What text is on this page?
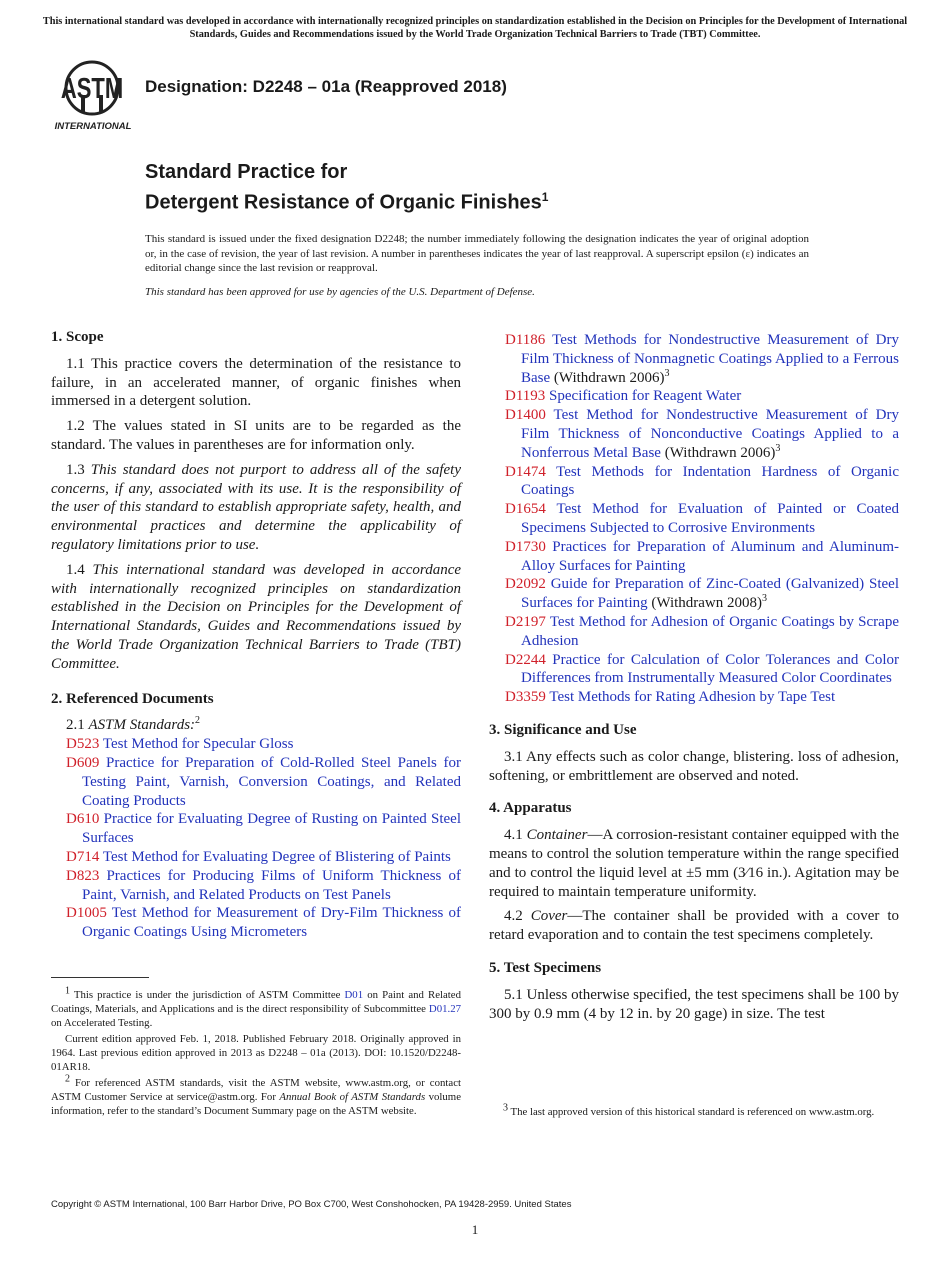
This international standard was developed in accordance with internationally recognized principles on standardization established in the Decision on Principles for the Development of International Standards, Guides and Recommendations issued by the World Trade Organization Technical Barriers to Trade (TBT) Committee.
ASTM
INTERNATIONAL
Designation: D2248 – 01a (Reapproved 2018)
Standard Practice for
Detergent Resistance of Organic Finishes$^1$
This standard is issued under the fixed designation D2248; the number immediately following the designation indicates the year of original adoption or, in the case of revision, the year of last revision. A number in parentheses indicates the year of last reapproval. A superscript epsilon (ε) indicates an editorial change since the last revision or reapproval.
This standard has been approved for use by agencies of the U.S. Department of Defense.
1. Scope
1.1 This practice covers the determination of the resistance to failure, in an accelerated manner, of organic finishes when immersed in a detergent solution.
1.2 The values stated in SI units are to be regarded as the standard. The values in parentheses are for information only.
1.3 This standard does not purport to address all of the safety concerns, if any, associated with its use. It is the responsibility of the user of this standard to establish appropriate safety, health, and environmental practices and determine the applicability of regulatory limitations prior to use.
1.4 This international standard was developed in accordance with internationally recognized principles on standardization established in the Decision on Principles for the Development of International Standards, Guides and Recommendations issued by the World Trade Organization Technical Barriers to Trade (TBT) Committee.
2. Referenced Documents
2.1 ASTM Standards:$^2$
D523 Test Method for Specular Gloss
D609 Practice for Preparation of Cold-Rolled Steel Panels for Testing Paint, Varnish, Conversion Coatings, and Related Coating Products
D610 Practice for Evaluating Degree of Rusting on Painted Steel Surfaces
D714 Test Method for Evaluating Degree of Blistering of Paints
D823 Practices for Producing Films of Uniform Thickness of Paint, Varnish, and Related Products on Test Panels
D1005 Test Method for Measurement of Dry-Film Thickness of Organic Coatings Using Micrometers

1 This practice is under the jurisdiction of ASTM Committee D01 on Paint and Related Coatings, Materials, and Applications and is the direct responsibility of Subcommittee D01.27 on Accelerated Testing.

Current edition approved Feb. 1, 2018. Published February 2018. Originally approved in 1964. Last previous edition approved in 2013 as D2248 – 01a (2013). DOI: 10.1520/D2248-01AR18.

2 For referenced ASTM standards, visit the ASTM website, www.astm.org, or contact ASTM Customer Service at service@astm.org. For Annual Book of ASTM Standards volume information, refer to the standard’s Document Summary page on the ASTM website.

D1186 Test Methods for Nondestructive Measurement of Dry Film Thickness of Nonmagnetic Coatings Applied to a Ferrous Base (Withdrawn 2006)$^3$
D1193 Specification for Reagent Water
D1400 Test Method for Nondestructive Measurement of Dry Film Thickness of Nonconductive Coatings Applied to a Nonferrous Metal Base (Withdrawn 2006)$^3$
D1474 Test Methods for Indentation Hardness of Organic Coatings
D1654 Test Method for Evaluation of Painted or Coated Specimens Subjected to Corrosive Environments
D1730 Practices for Preparation of Aluminum and Aluminum-Alloy Surfaces for Painting
D2092 Guide for Preparation of Zinc-Coated (Galvanized) Steel Surfaces for Painting (Withdrawn 2008)$^3$
D2197 Test Method for Adhesion of Organic Coatings by Scrape Adhesion
D2244 Practice for Calculation of Color Tolerances and Color Differences from Instrumentally Measured Color Coordinates
D3359 Test Methods for Rating Adhesion by Tape Test
3. Significance and Use
3.1 Any effects such as color change, blistering. loss of adhesion, softening, or embrittlement are observed and noted.
4. Apparatus
4.1 Container—A corrosion-resistant container equipped with the means to control the solution temperature within the range specified and to control the liquid level at ±5 mm (3⁄16 in.). Agitation may be required to maintain temperature uniformity.
4.2 Cover—The container shall be provided with a cover to retard evaporation and to contain the test specimens completely.
5. Test Specimens
5.1 Unless otherwise specified, the test specimens shall be 100 by 300 by 0.9 mm (4 by 12 in. by 20 gage) in size. The test

3 The last approved version of this historical standard is referenced on www.astm.org.

Copyright © ASTM International, 100 Barr Harbor Drive, PO Box C700, West Conshohocken, PA 19428-2959. United States
1
